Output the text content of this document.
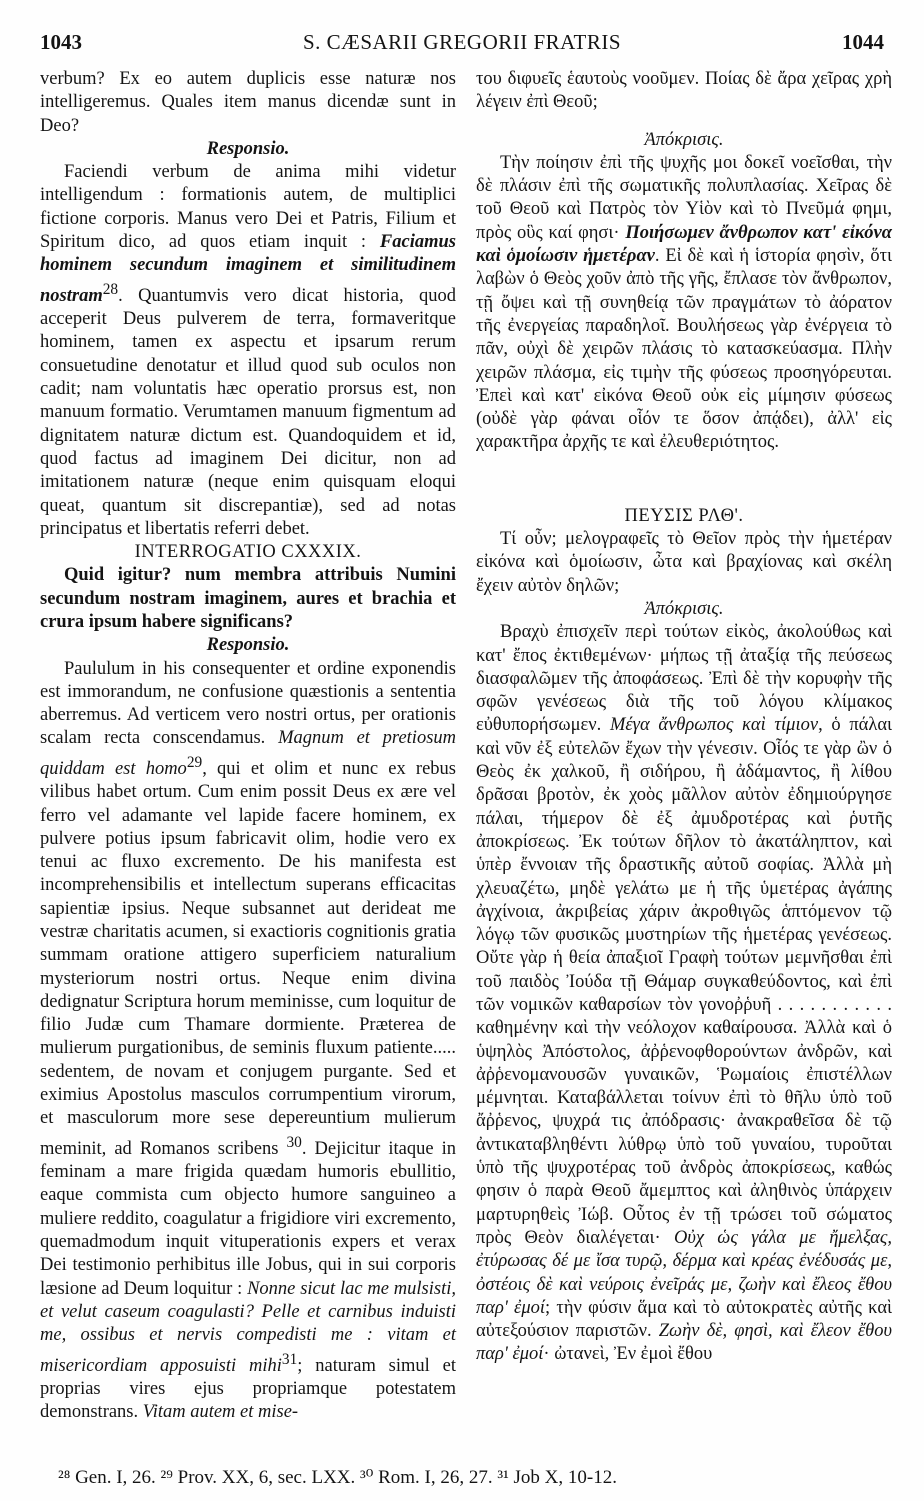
1043	S. CÆSARII GREGORII FRATRIS	1044

verbum? Ex eo autem duplicis esse naturæ nos intelligeremus. Quales item manus dicendæ sunt in Deo?

Responsio.

Faciendi verbum de anima mihi videtur intelligendum : formationis autem, de multiplici fictione corporis. Manus vero Dei et Patris, Filium et Spiritum dico, ad quos etiam inquit : Faciamus hominem secundum imaginem et similitudinem nostram$^{28}$. Quantumvis vero dicat historia, quod acceperit Deus pulverem de terra, formaveritque hominem, tamen ex aspectu et ipsarum rerum consuetudine denotatur et illud quod sub oculos non cadit; nam voluntatis hæc operatio prorsus est, non manuum formatio. Verumtamen manuum figmentum ad dignitatem naturæ dictum est. Quandoquidem et id, quod factus ad imaginem Dei dicitur, non ad imitationem naturæ (neque enim quisquam eloqui queat, quantum sit discrepantiæ), sed ad notas principatus et libertatis referri debet.

INTERROGATIO CXXXIX.

Quid igitur? num membra attribuis Numini secundum nostram imaginem, aures et brachia et crura ipsum habere significans?

Responsio.

Paululum in his consequenter et ordine exponendis est immorandum, ne confusione quæstionis a sententia aberremus. Ad verticem vero nostri ortus, per orationis scalam recta conscendamus. Magnum et pretiosum quiddam est homo$^{29}$, qui et olim et nunc ex rebus vilibus habet ortum. Cum enim possit Deus ex ære vel ferro vel adamante vel lapide facere hominem, ex pulvere potius ipsum fabricavit olim, hodie vero ex tenui ac fluxo excremento. De his manifesta est incomprehensibilis et intellectum superans efficacitas sapientiæ ipsius. Neque subsannet aut derideat me vestræ charitatis acumen, si exactioris cognitionis gratia summam oratione attigero superficiem naturalium mysteriorum nostri ortus. Neque enim divina dedignatur Scriptura horum meminisse, cum loquitur de filio Judæ cum Thamare dormiente. Præterea de mulierum purgationibus, de seminis fluxum patiente..... sedentem, de novam et conjugem purgante. Sed et eximius Apostolus masculos corrumpentium virorum, et masculorum more sese depereuntium mulierum meminit, ad Romanos scribens $^{30}$. Dejicitur itaque in feminam a mare frigida quædam humoris ebullitio, eaque commista cum objecto humore sanguineo a muliere reddito, coagulatur a frigidiore viri excremento, quemadmodum inquit vituperationis expers et verax Dei testimonio perhibitus ille Jobus, qui in sui corporis læsione ad Deum loquitur : Nonne sicut lac me mulsisti, et velut caseum coagulasti? Pelle et carnibus induisti me, ossibus et nervis compedisti me : vitam et misericordiam apposuisti mihi$^{31}$; naturam simul et proprias vires ejus propriamque potestatem demonstrans. Vitam autem et mise-

του διφυεῖς ἑαυτοὺς νοοῦμεν. Ποίας δὲ ἄρα χεῖρας χρὴ λέγειν ἐπὶ Θεοῦ;

Ἀπόκρισις.

Τὴν ποίησιν ἐπὶ τῆς ψυχῆς μοι δοκεῖ νοεῖσθαι, τὴν δὲ πλάσιν ἐπὶ τῆς σωματικῆς πολυπλασίας. Χεῖρας δὲ τοῦ Θεοῦ καὶ Πατρὸς τὸν Υἱὸν καὶ τὸ Πνεῦμά φημι, πρὸς οὓς καί φησι· Ποιήσωμεν ἄνθρωπον κατ' εἰκόνα καὶ ὁμοίωσιν ἡμετέραν. Εἰ δὲ καὶ ἡ ἱστορία φησὶν, ὅτι λαβὼν ὁ Θεὸς χοῦν ἀπὸ τῆς γῆς, ἔπλασε τὸν ἄνθρωπον, τῇ ὄψει καὶ τῇ συνηθείᾳ τῶν πραγμάτων τὸ ἀόρατον τῆς ἐνεργείας παραδηλοῖ. Βουλήσεως γὰρ ἐνέργεια τὸ πᾶν, οὐχὶ δὲ χειρῶν πλάσις τὸ κατασκεύασμα. Πλὴν χειρῶν πλάσμα, εἰς τιμὴν τῆς φύσεως προσηγόρευται. Ἐπεὶ καὶ κατ' εἰκόνα Θεοῦ οὐκ εἰς μίμησιν φύσεως (οὐδὲ γὰρ φάναι οἷόν τε ὅσον ἀπᾴδει), ἀλλ' εἰς χαρακτῆρα ἀρχῆς τε καὶ ἐλευθεριότητος.

ΠΕΥΣΙΣ ΡΛΘ'.

Τί οὖν; μελογραφεῖς τὸ Θεῖον πρὸς τὴν ἡμετέραν εἰκόνα καὶ ὁμοίωσιν, ὦτα καὶ βραχίονας καὶ σκέλη ἔχειν αὐτὸν δηλῶν;

Ἀπόκρισις.

Βραχὺ ἐπισχεῖν περὶ τούτων εἰκὸς, ἀκολούθως καὶ κατ' ἔπος ἐκτιθεμένων· μήπως τῇ ἀταξίᾳ τῆς πεύσεως διασφαλῶμεν τῆς ἀποφάσεως. Ἐπὶ δὲ τὴν κορυφὴν τῆς σφῶν γενέσεως διὰ τῆς τοῦ λόγου κλίμακος εὐθυπορήσωμεν. Μέγα ἄνθρωπος καὶ τίμιον, ὁ πάλαι καὶ νῦν ἐξ εὐτελῶν ἔχων τὴν γένεσιν. Οἷός τε γὰρ ὢν ὁ Θεὸς ἐκ χαλκοῦ, ἢ σιδήρου, ἢ ἀδάμαντος, ἢ λίθου δρᾶσαι βροτὸν, ἐκ χοὸς μᾶλλον αὐτὸν ἐδημιούργησε πάλαι, τήμερον δὲ ἐξ ἀμυδροτέρας καὶ ῥυτῆς ἀποκρίσεως. Ἐκ τούτων δῆλον τὸ ἀκατάληπτον, καὶ ὑπὲρ ἔννοιαν τῆς δραστικῆς αὐτοῦ σοφίας. Ἀλλὰ μὴ χλευαζέτω, μηδὲ γελάτω με ἡ τῆς ὑμετέρας ἀγάπης ἀγχίνοια, ἀκριβείας χάριν ἀκροθιγῶς ἁπτόμενον τῷ λόγῳ τῶν φυσικῶς μυστηρίων τῆς ἡμετέρας γενέσεως. Οὔτε γὰρ ἡ θεία ἀπαξιοῖ Γραφὴ τούτων μεμνῆσθαι ἐπὶ τοῦ παιδὸς Ἰούδα τῇ Θάμαρ συγκαθεύδοντος, καὶ ἐπὶ τῶν νομικῶν καθαρσίων τὸν γονοῤῥυῆ . . . . . . . . . . . καθημένην καὶ τὴν νεόλοχον καθαίρουσα. Ἀλλὰ καὶ ὁ ὑψηλὸς Ἀπόστολος, ἀῤῥενοφθορούντων ἀνδρῶν, καὶ ἀῤῥενομανουσῶν γυναικῶν, Ῥωμαίοις ἐπιστέλλων μέμνηται. Καταβάλλεται τοίνυν ἐπὶ τὸ θῆλυ ὑπὸ τοῦ ἄῤῥενος, ψυχρά τις ἀπόδρασις· ἀνακραθεῖσα δὲ τῷ ἀντικαταβληθέντι λύθρῳ ὑπὸ τοῦ γυναίου, τυροῦται ὑπὸ τῆς ψυχροτέρας τοῦ ἀνδρὸς ἀποκρίσεως, καθώς φησιν ὁ παρὰ Θεοῦ ἄμεμπτος καὶ ἀληθινὸς ὑπάρχειν μαρτυρηθεὶς Ἰώβ. Οὗτος ἐν τῇ τρώσει τοῦ σώματος πρὸς Θεὸν διαλέγεται· Οὐχ ὡς γάλα με ἤμελξας, ἐτύρωσας δέ με ἴσα τυρῷ, δέρμα καὶ κρέας ἐνέδυσάς με, ὀστέοις δὲ καὶ νεύροις ἐνεῖράς με, ζωὴν καὶ ἔλεος ἔθου παρ' ἐμοί; τὴν φύσιν ἅμα καὶ τὸ αὐτοκρατὲς αὐτῆς καὶ αὐτεξούσιον παριστῶν. Ζωὴν δὲ, φησὶ, καὶ ἔλεον ἔθου παρ' ἐμοί· ὠτανεὶ, Ἐν ἐμοὶ ἔθου

²⁸ Gen. I, 26. ²⁹ Prov. XX, 6, sec. LXX. ³⁰ Rom. I, 26, 27. ³¹ Job X, 10-12.
